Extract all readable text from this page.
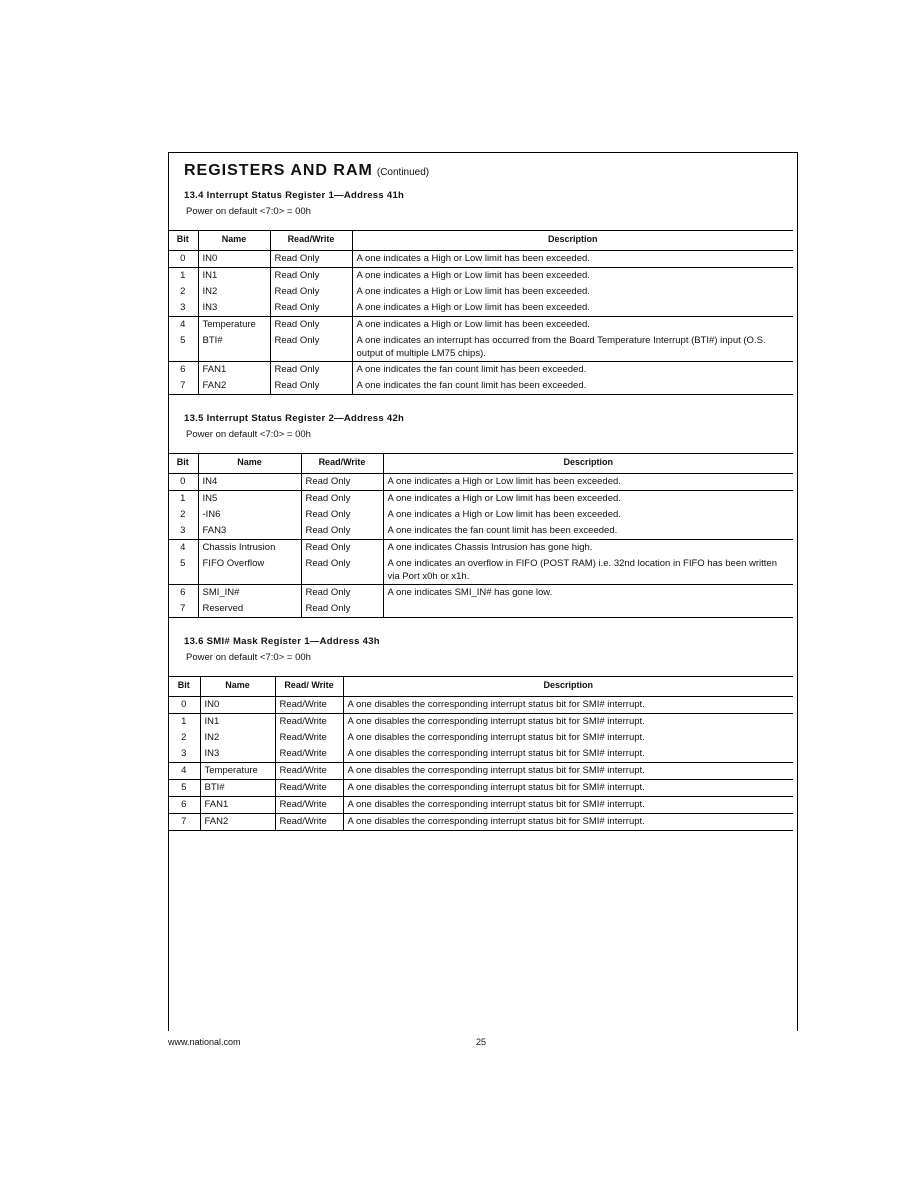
REGISTERS AND RAM (Continued)
13.4 Interrupt Status Register 1—Address 41h
Power on default <7:0> = 00h
Bit	Name	Read/Write	Description
0	IN0	Read Only	A one indicates a High or Low limit has been exceeded.
1	IN1	Read Only	A one indicates a High or Low limit has been exceeded.
2	IN2	Read Only	A one indicates a High or Low limit has been exceeded.
3	IN3	Read Only	A one indicates a High or Low limit has been exceeded.
4	Temperature	Read Only	A one indicates a High or Low limit has been exceeded.
5	BTI#	Read Only	A one indicates an interrupt has occurred from the Board Temperature Interrupt (BTI#) input (O.S. output of multiple LM75 chips).
6	FAN1	Read Only	A one indicates the fan count limit has been exceeded.
7	FAN2	Read Only	A one indicates the fan count limit has been exceeded.
13.5 Interrupt Status Register 2—Address 42h
Power on default <7:0> = 00h
Bit	Name	Read/Write	Description
0	IN4	Read Only	A one indicates a High or Low limit has been exceeded.
1	IN5	Read Only	A one indicates a High or Low limit has been exceeded.
2	-IN6	Read Only	A one indicates a High or Low limit has been exceeded.
3	FAN3	Read Only	A one indicates the fan count limit has been exceeded.
4	Chassis Intrusion	Read Only	A one indicates Chassis Intrusion has gone high.
5	FIFO Overflow	Read Only	A one indicates an overflow in FIFO (POST RAM) i.e. 32nd location in FIFO has been written via Port x0h or x1h.
6	SMI_IN#	Read Only	A one indicates SMI_IN# has gone low.
7	Reserved	Read Only	
13.6 SMI# Mask Register 1—Address 43h
Power on default <7:0> = 00h
Bit	Name	Read/ Write	Description
0	IN0	Read/Write	A one disables the corresponding interrupt status bit for SMI# interrupt.
1	IN1	Read/Write	A one disables the corresponding interrupt status bit for SMI# interrupt.
2	IN2	Read/Write	A one disables the corresponding interrupt status bit for SMI# interrupt.
3	IN3	Read/Write	A one disables the corresponding interrupt status bit for SMI# interrupt.
4	Temperature	Read/Write	A one disables the corresponding interrupt status bit for SMI# interrupt.
5	BTI#	Read/Write	A one disables the corresponding interrupt status bit for SMI# interrupt.
6	FAN1	Read/Write	A one disables the corresponding interrupt status bit for SMI# interrupt.
7	FAN2	Read/Write	A one disables the corresponding interrupt status bit for SMI# interrupt.
www.national.com	25
